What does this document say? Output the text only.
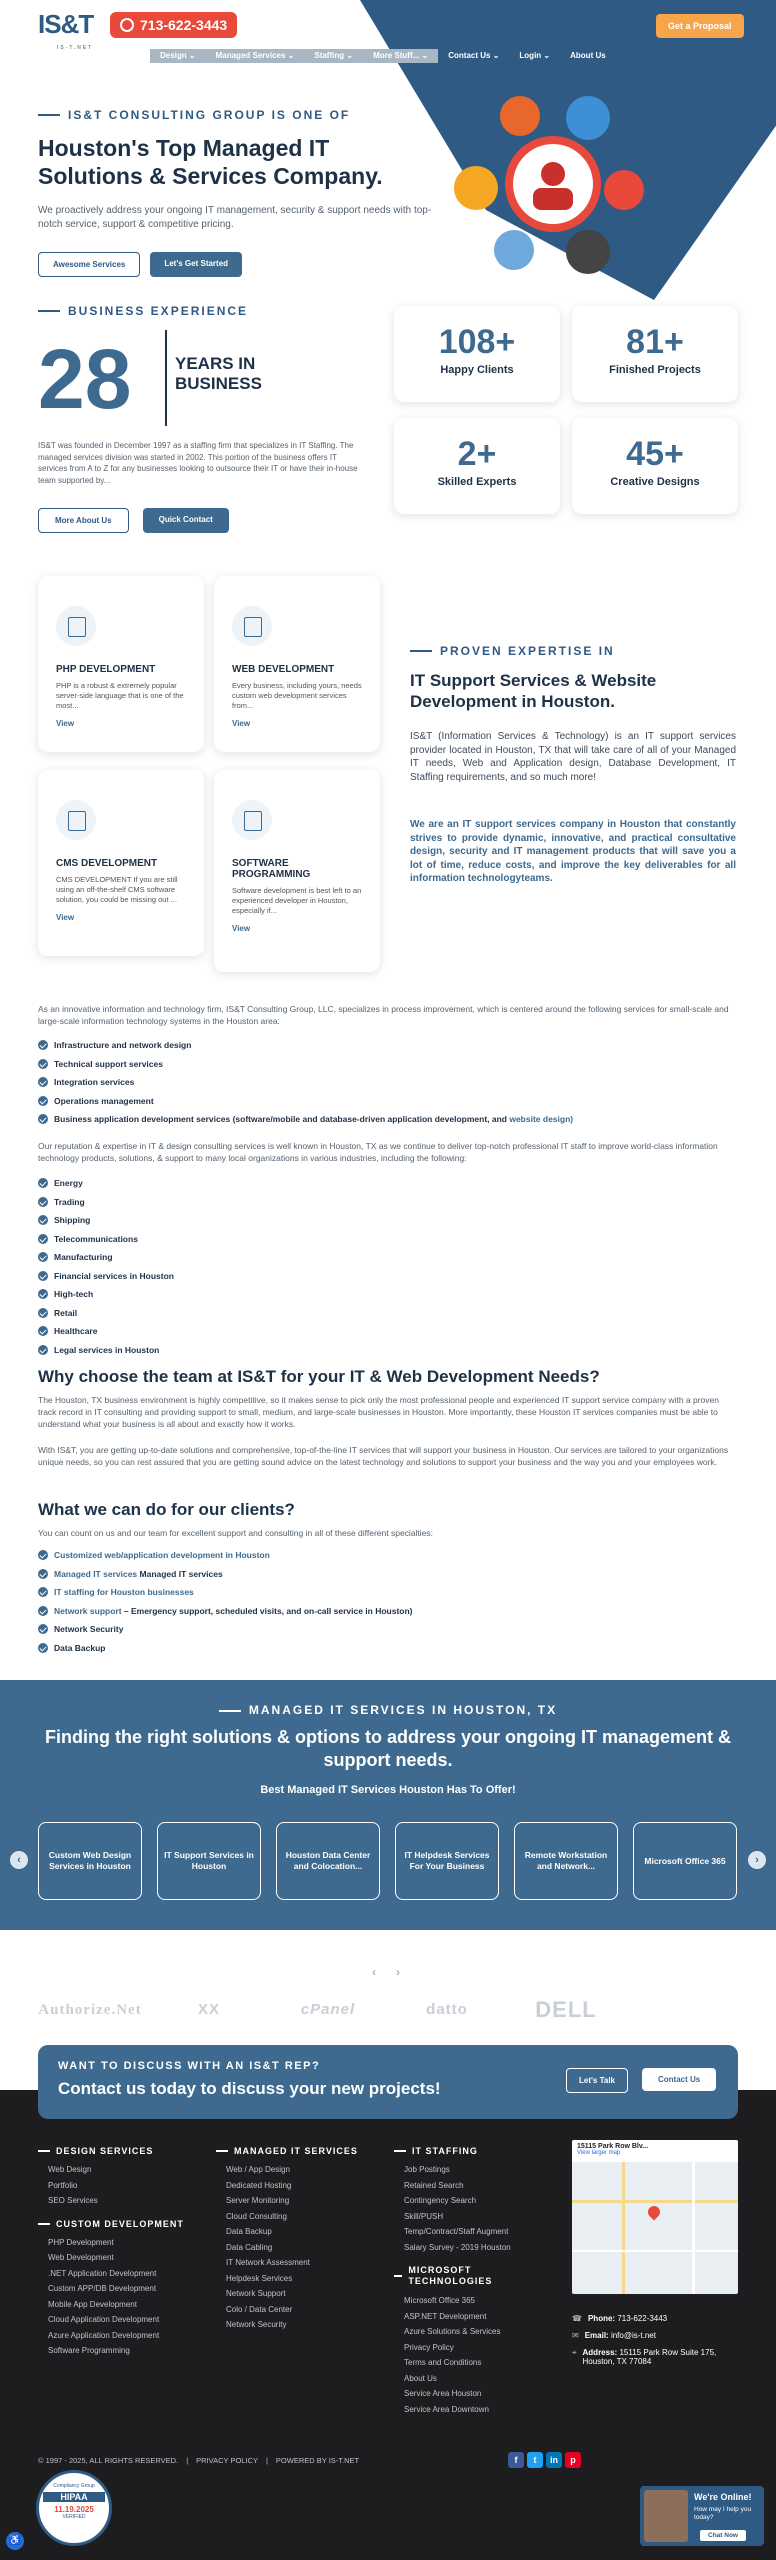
IS&T
IS-T.NET
713-622-3443	Get a Proposal
Design ⌄	Managed Services ⌄	Staffing ⌄	More Stuff... ⌄	Contact Us ⌄	Login ⌄	About Us
IS&T CONSULTING GROUP IS ONE OF
Houston's Top Managed IT Solutions & Services Company.
We proactively address your ongoing IT management, security & support needs with top-notch service, support & competitive pricing.
Awesome Services	Let's Get Started
BUSINESS EXPERIENCE
28	YEARS IN BUSINESS
IS&T was founded in December 1997 as a staffing firm that specializes in IT Staffing. The managed services division was started in 2002. This portion of the business offers IT services from A to Z for any businesses looking to outsource their IT or have their in-house team supported by...
More About Us	Quick Contact
108+
Happy Clients
81+
Finished Projects
2+
Skilled Experts
45+
Creative Designs
PHP DEVELOPMENT
PHP is a robust & extremely popular server-side language that is one of the most...
View
WEB DEVELOPMENT
Every business, including yours, needs custom web development services from...
View
CMS DEVELOPMENT
CMS DEVELOPMENT If you are still using an off-the-shelf CMS software solution, you could be missing out ...
View
SOFTWARE PROGRAMMING
Software development is best left to an experienced developer in Houston, especially if...
View
PROVEN EXPERTISE IN
IT Support Services & Website Development in Houston.
IS&T (Information Services & Technology) is an IT support services provider located in Houston, TX that will take care of all of your Managed IT needs, Web and Application design, Database Development, IT Staffing requirements, and so much more!
We are an IT support services company in Houston that constantly strives to provide dynamic, innovative, and practical consultative design, security and IT management products that will save you a lot of time, reduce costs, and improve the key deliverables for all information technologyteams.
As an innovative information and technology firm, IS&T Consulting Group, LLC, specializes in process improvement, which is centered around the following services for small-scale and large-scale information technology systems in the Houston area:
Infrastructure and network design
Technical support services
Integration services
Operations management
Business application development services (software/mobile and database-driven application development, and website design)
Our reputation & expertise in IT & design consulting services is well known in Houston, TX as we continue to deliver top-notch professional IT staff to improve world-class information technology products, solutions, & support to many local organizations in various industries, including the following:
Energy
Trading
Shipping
Telecommunications
Manufacturing
Financial services in Houston
High-tech
Retail
Healthcare
Legal services in Houston
Why choose the team at IS&T for your IT & Web Development Needs?
The Houston, TX business environment is highly competitive, so it makes sense to pick only the most professional people and experienced IT support service company with a proven track record in IT consulting and providing support to small, medium, and large-scale businesses in Houston. More importantly, these Houston IT services companies must be able to understand what your business is all about and exactly how it works.
With IS&T, you are getting up-to-date solutions and comprehensive, top-of-the-line IT services that will support your business in Houston. Our services are tailored to your organizations unique needs, so you can rest assured that you are getting sound advice on the latest technology and solutions to support your business and the way you and your employees work.
What we can do for our clients?
You can count on us and our team for excellent support and consulting in all of these different specialties:
Customized web/application development in Houston
Managed IT services Managed IT services
IT staffing for Houston businesses
Network support – Emergency support, scheduled visits, and on-call service in Houston)
Network Security
Data Backup
MANAGED IT SERVICES IN HOUSTON, TX
Finding the right solutions & options to address your ongoing IT management & support needs.
Best Managed IT Services Houston Has To Offer!
‹	Custom Web Design Services in Houston
IT Support Services in Houston
Houston Data Center and Colocation...
IT Helpdesk Services For Your Business
Remote Workstation and Network...
Microsoft Office 365	›
‹ ›
Authorize.Net	XX	cPanel	datto	DELL
WANT TO DISCUSS WITH AN IS&T REP?
Contact us today to discuss your new projects!	Let's Talk	Contact Us
DESIGN SERVICES
Web Design
Portfolio
SEO Services
CUSTOM DEVELOPMENT
PHP Development
Web Development
.NET Application Development
Custom APP/DB Development
Mobile App Development
Cloud Application Development
Azure Application Development
Software Programming
MANAGED IT SERVICES
Web / App Design
Dedicated Hosting
Server Monitoring
Cloud Consulting
Data Backup
Data Cabling
IT Network Assessment
Helpdesk Services
Network Support
Colo / Data Center
Network Security
IT STAFFING
Job Postings
Retained Search
Contingency Search
Skill/PUSH
Temp/Contract/Staff Augment
Salary Survey - 2019 Houston
MICROSOFT TECHNOLOGIES
Microsoft Office 365
ASP.NET Development
Azure Solutions & Services
Privacy Policy
Terms and Conditions
About Us
Service Area Houston
Service Area Downtown
15115 Park Row Blv...
View larger map
☎ Phone: 713-622-3443
✉ Email: info@is-t.net
⌖ Address: 15115 Park Row Suite 175, Houston, TX 77084
© 1997 - 2025, ALL RIGHTS RESERVED. | PRIVACY POLICY | POWERED BY IS-T.NET	f t in p
Compliancy Group
HIPAA
11.19.2025
VERIFIED
♿
We're Online!
How may I help you today?
Chat Now
